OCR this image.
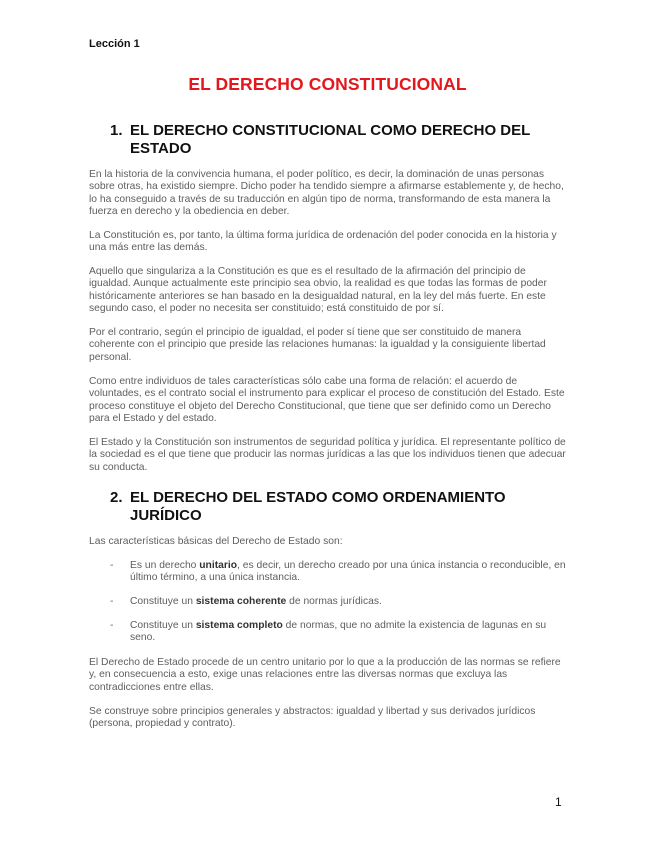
Lección 1
EL DERECHO CONSTITUCIONAL
1. EL DERECHO CONSTITUCIONAL COMO DERECHO DEL ESTADO
En la historia de la convivencia humana, el poder político, es decir, la dominación de unas personas sobre otras, ha existido siempre. Dicho poder ha tendido siempre a afirmarse establemente y, de hecho, lo ha conseguido a través de su traducción en algún tipo de norma, transformando de esta manera la fuerza en derecho y la obediencia en deber.
La Constitución es, por tanto, la última forma jurídica de ordenación del poder conocida en la historia y una más entre las demás.
Aquello que singulariza a la Constitución es que es el resultado de la afirmación del principio de igualdad. Aunque actualmente este principio sea obvio, la realidad es que todas las formas de poder históricamente anteriores se han basado en la desigualdad natural, en la ley del más fuerte. En este segundo caso, el poder no necesita ser constituido; está constituido de por sí.
Por el contrario, según el principio de igualdad, el poder sí tiene que ser constituido de manera coherente con el principio que preside las relaciones humanas: la igualdad y la consiguiente libertad personal.
Como entre individuos de tales características sólo cabe una forma de relación: el acuerdo de voluntades, es el contrato social el instrumento para explicar el proceso de constitución del Estado. Este proceso constituye el objeto del Derecho Constitucional, que tiene que ser definido como un Derecho para el Estado y del estado.
El Estado y la Constitución son instrumentos de seguridad política y jurídica. El representante político de la sociedad es el que tiene que producir las normas jurídicas a las que los individuos tienen que adecuar su conducta.
2. EL DERECHO DEL ESTADO COMO ORDENAMIENTO JURÍDICO
Las características básicas del Derecho de Estado son:
-	Es un derecho unitario, es decir, un derecho creado por una única instancia o reconducible, en último término, a una única instancia.
-	Constituye un sistema coherente de normas jurídicas.
-	Constituye un sistema completo de normas, que no admite la existencia de lagunas en su seno.
El Derecho de Estado procede de un centro unitario por lo que a la producción de las normas se refiere y, en consecuencia a esto, exige unas relaciones entre las diversas normas que excluya las contradicciones entre ellas.
Se construye sobre principios generales y abstractos: igualdad y libertad y sus derivados jurídicos (persona, propiedad y contrato).
1
